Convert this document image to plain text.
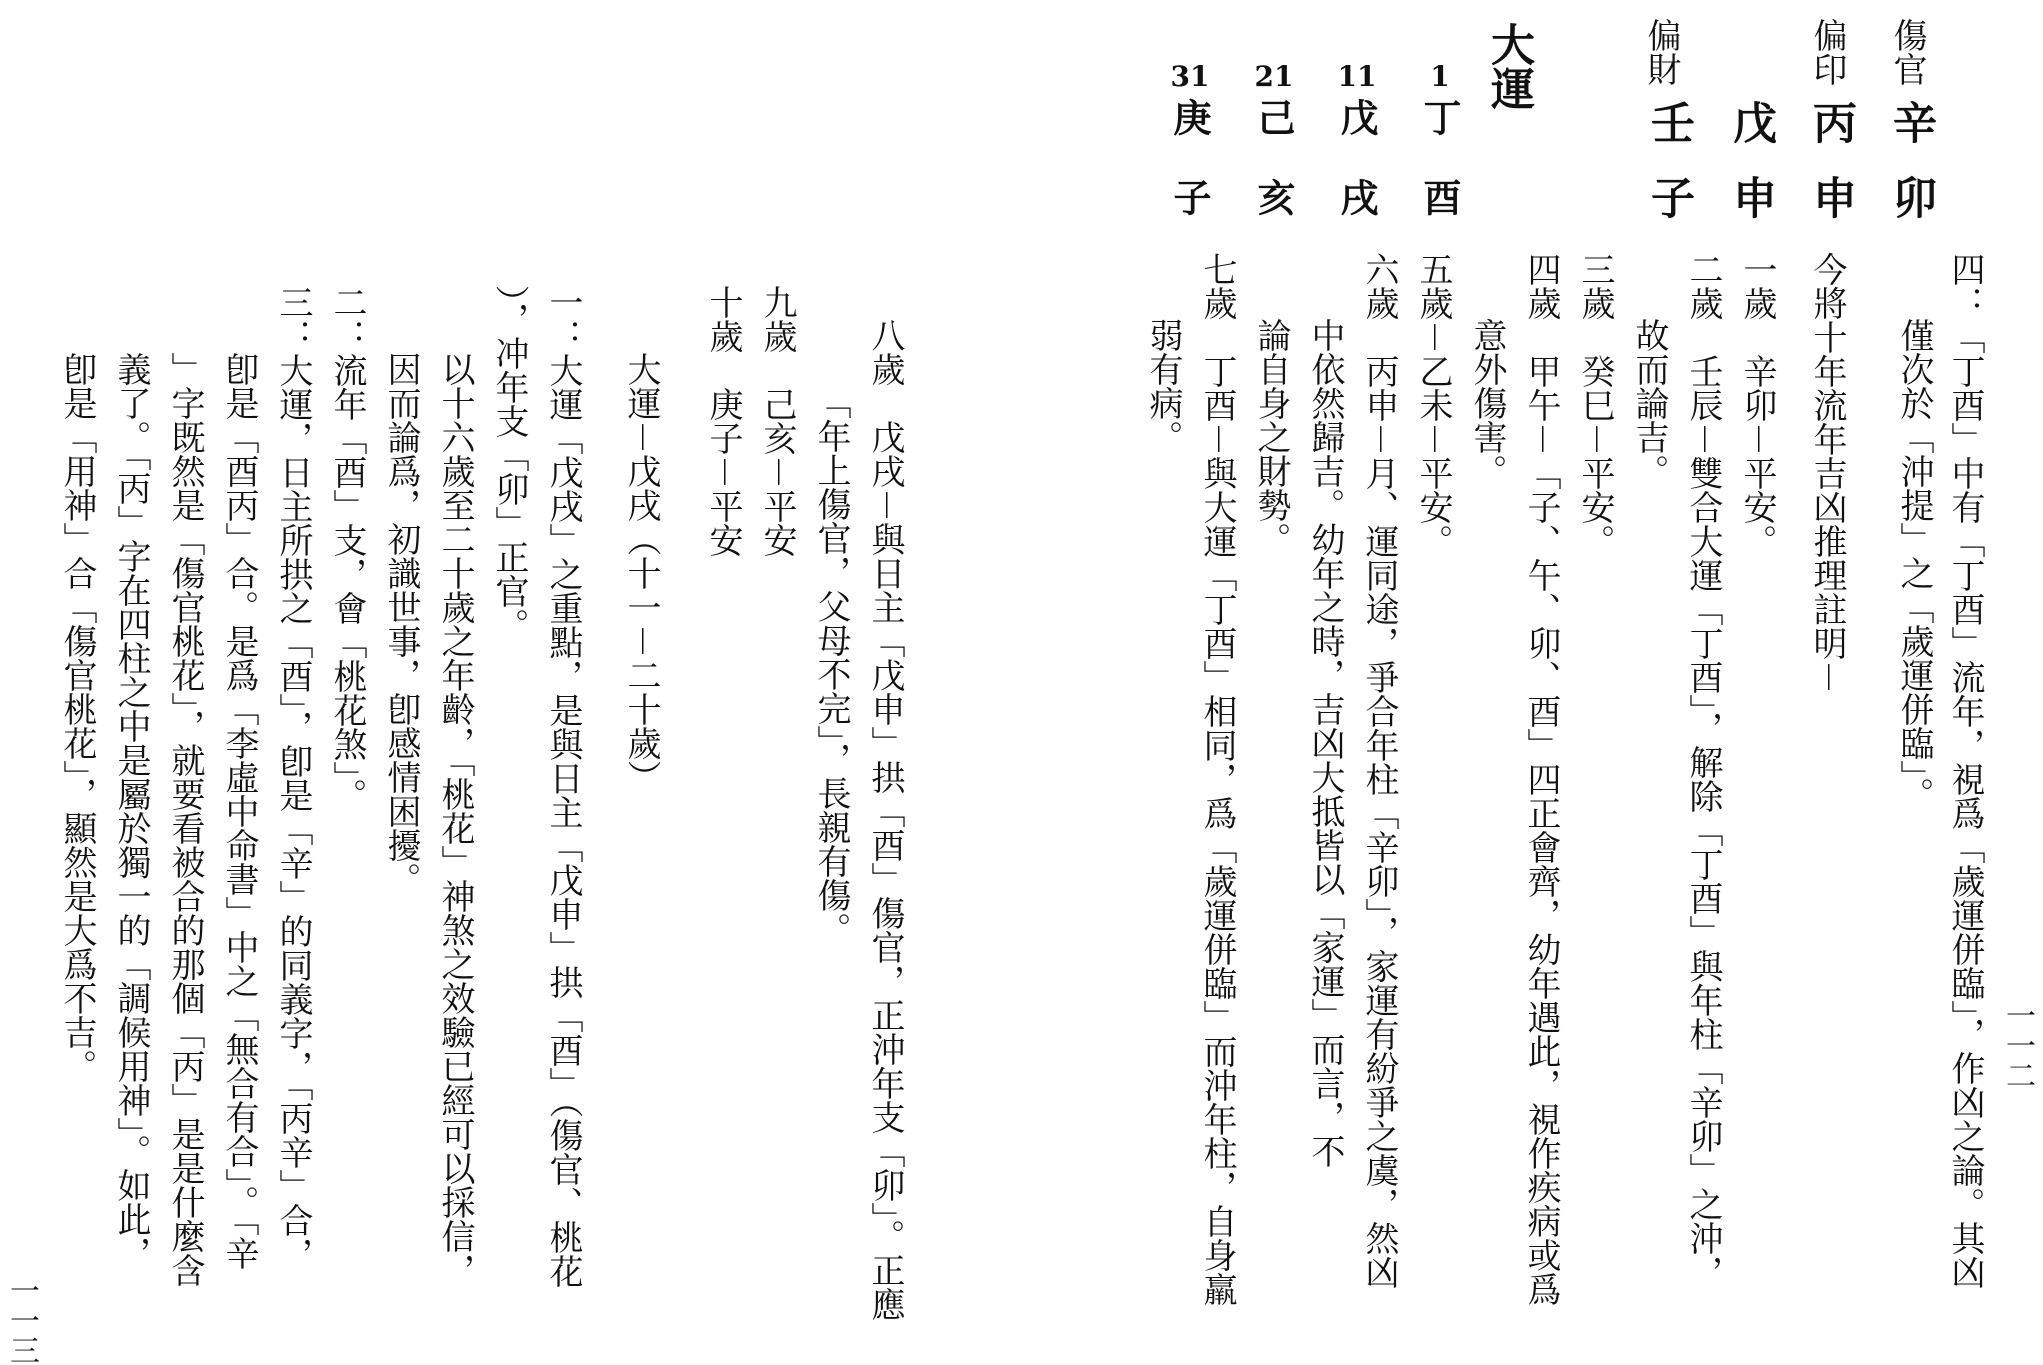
一一二
一一三
傷官
偏印
偏財
辛
丙
戊
壬
卯
申
申
子
大運
1
11
21
31
丁
戊
己
庚
酉
戌
亥
子
四：「丁酉」中有「丁酉」流年，視爲「歲運併臨」，作凶之論。其凶
僅次於「沖提」之「歲運併臨」。
今將十年流年吉凶推理註明－
一歲　辛卯－平安。
二歲　壬辰－雙合大運「丁酉」，解除「丁酉」與年柱「辛卯」之沖，
故而論吉。
三歲　癸巳－平安。
四歲　甲午－「子、午、卯、酉」四正會齊，幼年遇此，視作疾病或爲
意外傷害。
五歲－乙未－平安。
六歲　丙申－月、運同途，爭合年柱「辛卯」，家運有紛爭之虞，然凶
中依然歸吉。幼年之時，吉凶大抵皆以「家運」而言，不
論自身之財勢。
七歲　丁酉－與大運「丁酉」相同，爲「歲運併臨」而沖年柱，自身羸
弱有病。
八歲　戊戌－與日主「戊申」拱「酉」傷官，正沖年支「卯」。正應
「年上傷官，父母不完」，長親有傷。
九歲　己亥－平安
十歲　庚子－平安
大運－戊戌（十一－二十歲）
一：大運「戊戌」之重點，是與日主「戊申」拱「酉」（傷官、桃花
），冲年支「卯」正官。
以十六歲至二十歲之年齡，「桃花」神煞之效驗已經可以採信，
因而論爲，初識世事，卽感情困擾。
二：流年「酉」支，會「桃花煞」。
三：大運，日主所拱之「酉」，卽是「辛」的同義字，「丙辛」合，
卽是「酉丙」合。是爲「李虛中命書」中之「無合有合」。「辛
」字既然是「傷官桃花」，就要看被合的那個「丙」是是什麼含
義了。「丙」字在四柱之中是屬於獨一的「調候用神」。如此，
卽是「用神」合「傷官桃花」，顯然是大爲不吉。
